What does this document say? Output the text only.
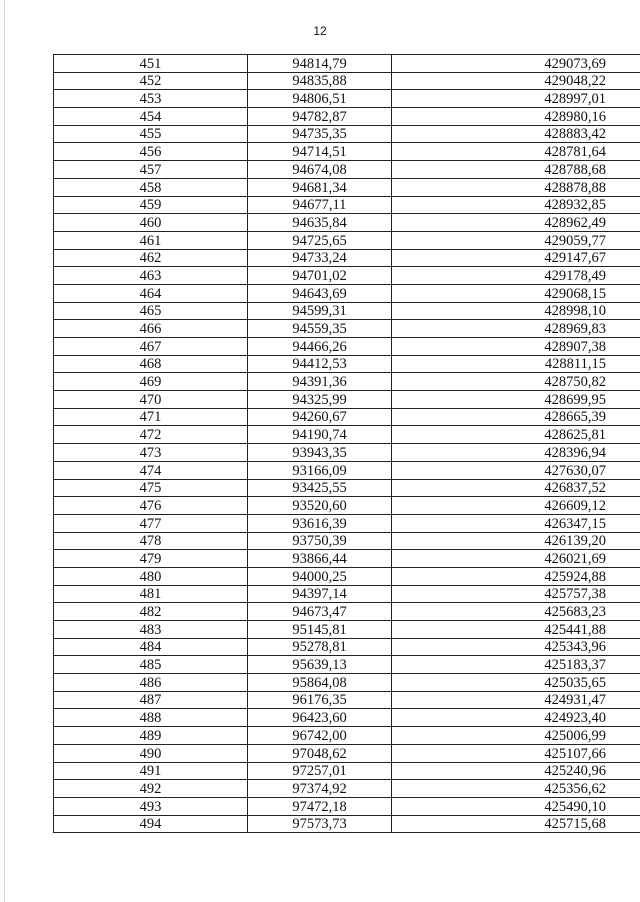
12
451	94814,79	429073,69
452	94835,88	429048,22
453	94806,51	428997,01
454	94782,87	428980,16
455	94735,35	428883,42
456	94714,51	428781,64
457	94674,08	428788,68
458	94681,34	428878,88
459	94677,11	428932,85
460	94635,84	428962,49
461	94725,65	429059,77
462	94733,24	429147,67
463	94701,02	429178,49
464	94643,69	429068,15
465	94599,31	428998,10
466	94559,35	428969,83
467	94466,26	428907,38
468	94412,53	428811,15
469	94391,36	428750,82
470	94325,99	428699,95
471	94260,67	428665,39
472	94190,74	428625,81
473	93943,35	428396,94
474	93166,09	427630,07
475	93425,55	426837,52
476	93520,60	426609,12
477	93616,39	426347,15
478	93750,39	426139,20
479	93866,44	426021,69
480	94000,25	425924,88
481	94397,14	425757,38
482	94673,47	425683,23
483	95145,81	425441,88
484	95278,81	425343,96
485	95639,13	425183,37
486	95864,08	425035,65
487	96176,35	424931,47
488	96423,60	424923,40
489	96742,00	425006,99
490	97048,62	425107,66
491	97257,01	425240,96
492	97374,92	425356,62
493	97472,18	425490,10
494	97573,73	425715,68
